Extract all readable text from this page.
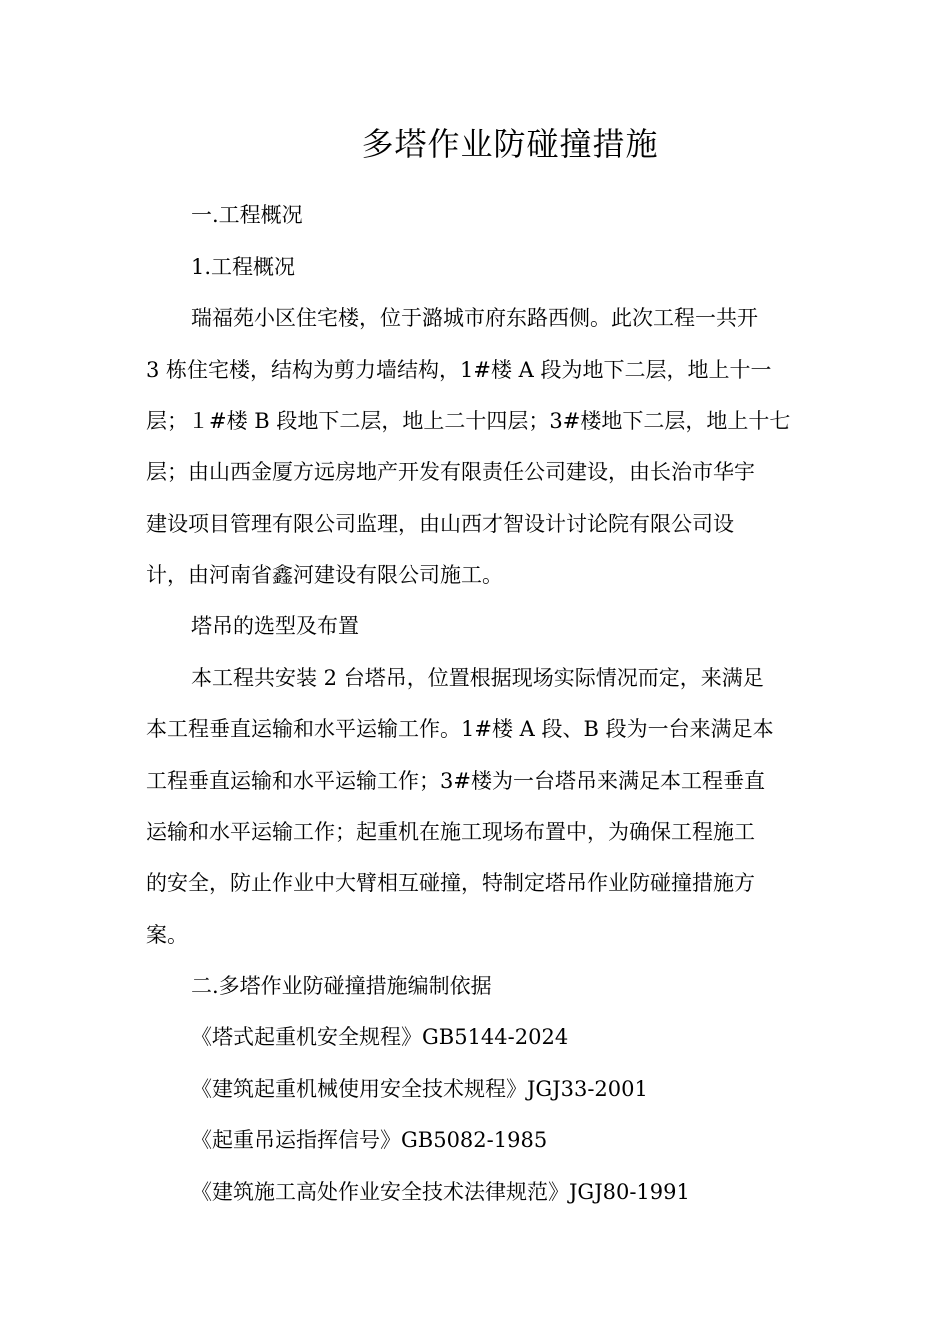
多塔作业防碰撞措施
一.工程概况
1.工程概况
瑞福苑小区住宅楼，位于潞城市府东路西侧。此次工程一共开
3 栋住宅楼，结构为剪力墙结构，1#楼 A 段为地下二层，地上十一
层；１#楼 B 段地下二层，地上二十四层；3#楼地下二层，地上十七
层；由山西金厦方远房地产开发有限责任公司建设，由长治市华宇
建设项目管理有限公司监理，由山西才智设计讨论院有限公司设
计，由河南省鑫河建设有限公司施工。
塔吊的选型及布置
本工程共安装 2 台塔吊，位置根据现场实际情况而定，来满足
本工程垂直运输和水平运输工作。1#楼 A 段、B 段为一台来满足本
工程垂直运输和水平运输工作；3#楼为一台塔吊来满足本工程垂直
运输和水平运输工作；起重机在施工现场布置中，为确保工程施工
的安全，防止作业中大臂相互碰撞，特制定塔吊作业防碰撞措施方
案。
二.多塔作业防碰撞措施编制依据
《塔式起重机安全规程》GB5144-2024
《建筑起重机械使用安全技术规程》JGJ33-2001
《起重吊运指挥信号》GB5082-1985
《建筑施工高处作业安全技术法律规范》JGJ80-1991
